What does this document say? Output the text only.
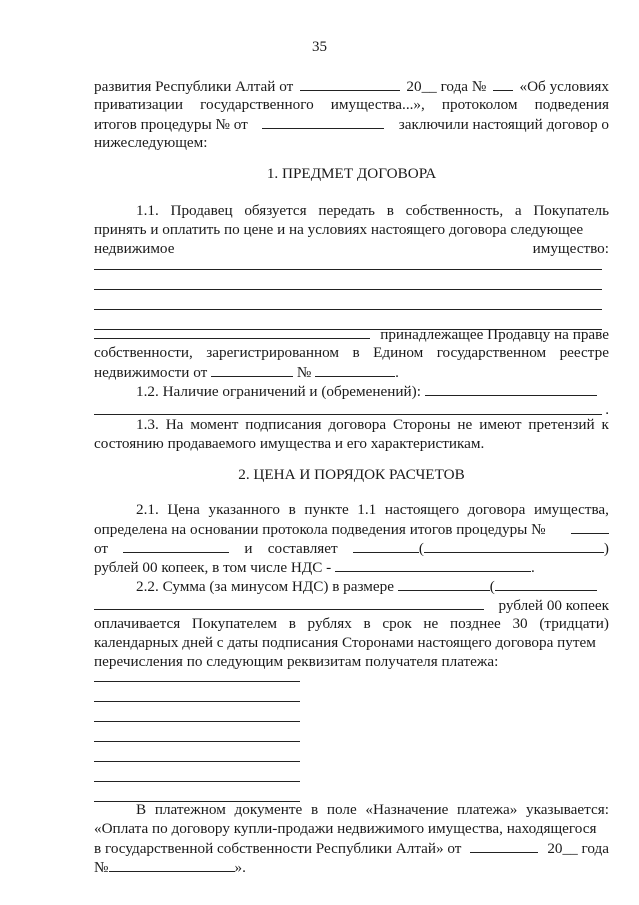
35
развития Республики Алтай от	20__ года № «Об условиях
приватизации государственного имущества...», протоколом подведения
итогов процедуры № от	заключили настоящий договор о
нижеследующем:
1. ПРЕДМЕТ ДОГОВОРА
1.1. Продавец обязуется передать в собственность, а Покупатель
принять и оплатить по цене и на условиях настоящего договора следующее
недвижимое	имущество:
принадлежащее Продавцу на праве
собственности, зарегистрированном в Едином государственном реестре
недвижимости от	№	.
1.2. Наличие ограничений и (обременений):
.
1.3. На момент подписания договора Стороны не имеют претензий к
состоянию продаваемого имущества и его характеристикам.
2. ЦЕНА И ПОРЯДОК РАСЧЕТОВ
2.1. Цена указанного в пункте 1.1 настоящего договора имущества,
определена на основании протокола подведения итогов процедуры №
от	и составляет	(	)
рублей 00 копеек, в том числе НДС -	.
2.2. Сумма (за минусом НДС) в размере	(
рублей 00 копеек
оплачивается Покупателем в рублях в срок не позднее 30 (тридцати)
календарных дней с даты подписания Сторонами настоящего договора путем
перечисления по следующим реквизитам получателя платежа:
В платежном документе в поле «Назначение платежа» указывается:
«Оплата по договору купли-продажи недвижимого имущества, находящегося
в государственной собственности Республики Алтай» от	20__ года
№	».
